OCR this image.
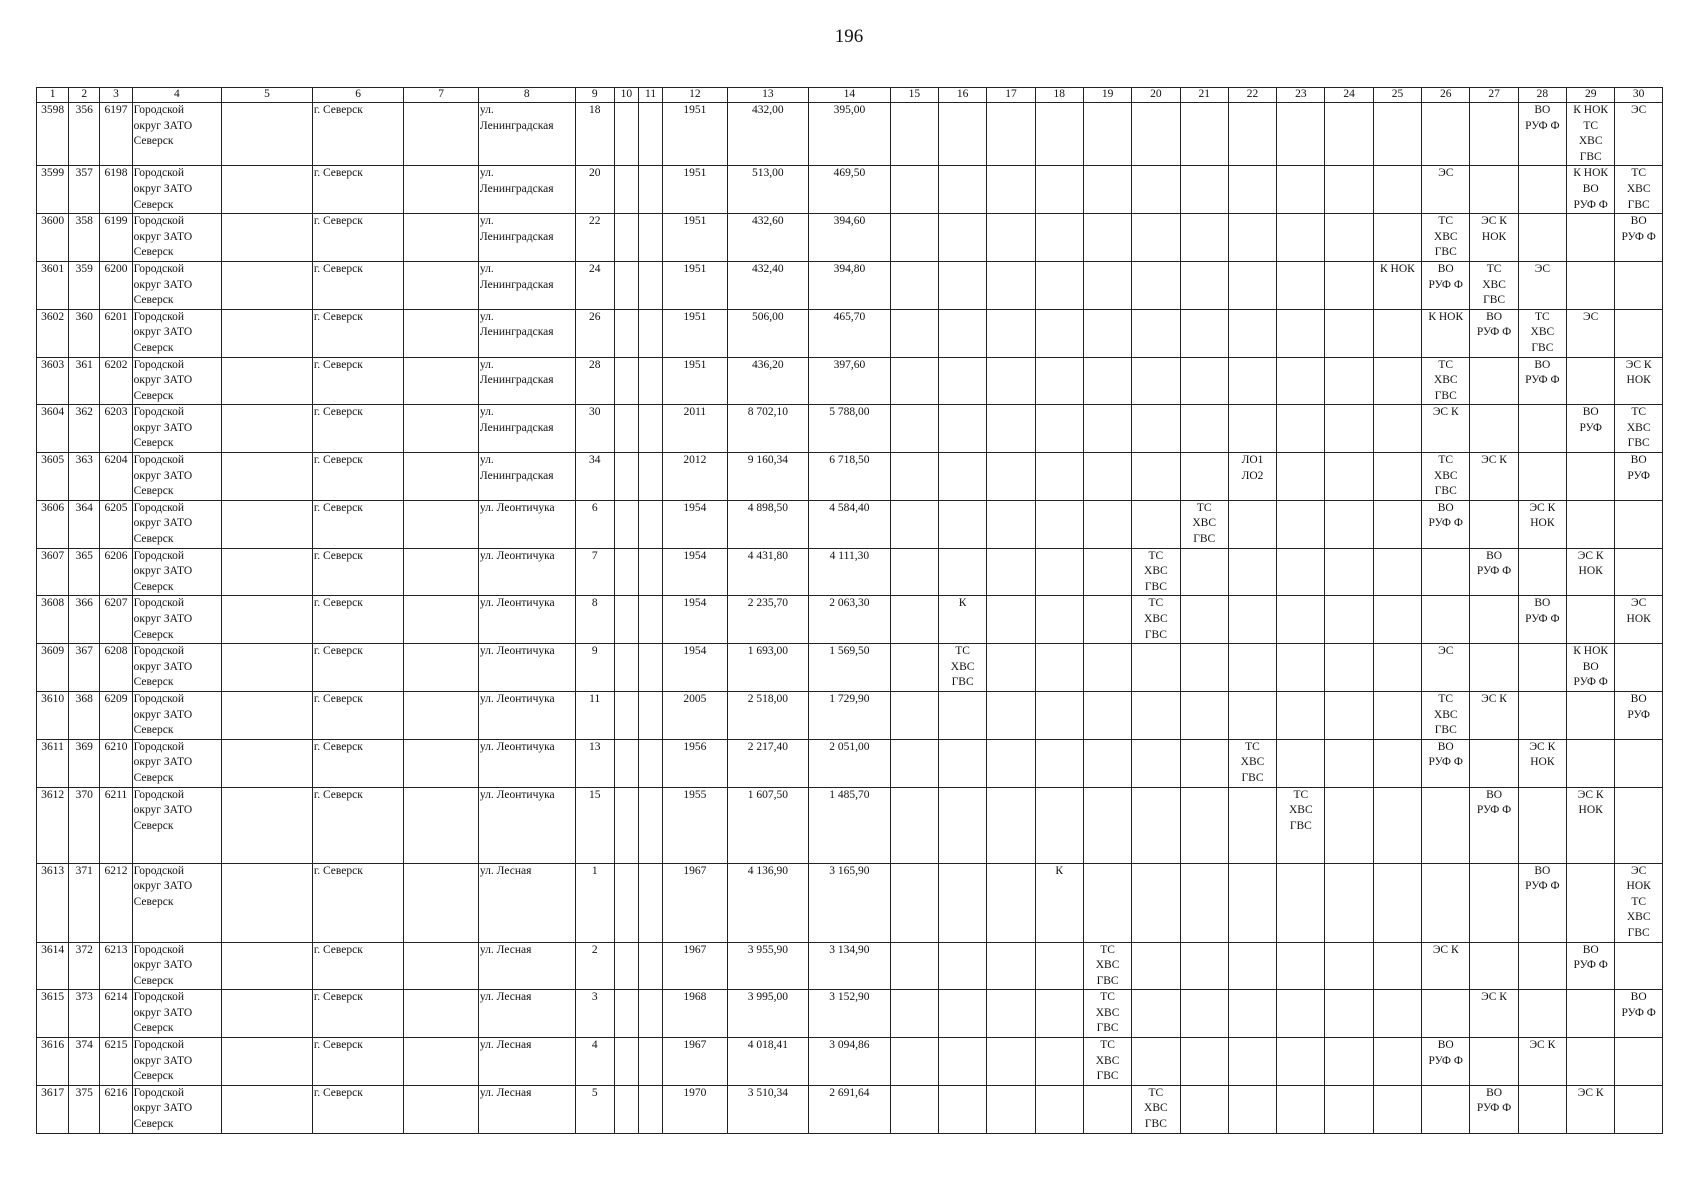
196
1	2	3	4	5	6	7	8	9	10	11	12	13	14	15	16	17	18	19	20	21	22	23	24	25	26	27	28	29	30
3598	356	6197	Городской
округ ЗАТО
Северск		г. Северск		ул.
Ленинградская	18			1951	432,00	395,00														ВО
РУФ Ф	К НОК
ТС
ХВС
ГВС	ЭС
3599	357	6198	Городской
округ ЗАТО
Северск		г. Северск		ул.
Ленинградская	20			1951	513,00	469,50												ЭС			К НОК
ВО
РУФ Ф	ТС
ХВС
ГВС
3600	358	6199	Городской
округ ЗАТО
Северск		г. Северск		ул.
Ленинградская	22			1951	432,60	394,60												ТС
ХВС
ГВС	ЭС К
НОК			ВО
РУФ Ф
3601	359	6200	Городской
округ ЗАТО
Северск		г. Северск		ул.
Ленинградская	24			1951	432,40	394,80											К НОК	ВО
РУФ Ф	ТС
ХВС
ГВС	ЭС		
3602	360	6201	Городской
округ ЗАТО
Северск		г. Северск		ул.
Ленинградская	26			1951	506,00	465,70												К НОК	ВО
РУФ Ф	ТС
ХВС
ГВС	ЭС	
3603	361	6202	Городской
округ ЗАТО
Северск		г. Северск		ул.
Ленинградская	28			1951	436,20	397,60												ТС
ХВС
ГВС		ВО
РУФ Ф		ЭС К
НОК
3604	362	6203	Городской
округ ЗАТО
Северск		г. Северск		ул.
Ленинградская	30			2011	8 702,10	5 788,00												ЭС К			ВО
РУФ	ТС
ХВС
ГВС
3605	363	6204	Городской
округ ЗАТО
Северск		г. Северск		ул.
Ленинградская	34			2012	9 160,34	6 718,50								ЛО1
ЛО2				ТС
ХВС
ГВС	ЭС К			ВО
РУФ
3606	364	6205	Городской
округ ЗАТО
Северск		г. Северск		ул. Леонтичука	6			1954	4 898,50	4 584,40							ТС
ХВС
ГВС					ВО
РУФ Ф		ЭС К
НОК		
3607	365	6206	Городской
округ ЗАТО
Северск		г. Северск		ул. Леонтичука	7			1954	4 431,80	4 111,30						ТС
ХВС
ГВС							ВО
РУФ Ф		ЭС К
НОК	
3608	366	6207	Городской
округ ЗАТО
Северск		г. Северск		ул. Леонтичука	8			1954	2 235,70	2 063,30		К				ТС
ХВС
ГВС								ВО
РУФ Ф		ЭС
НОК
3609	367	6208	Городской
округ ЗАТО
Северск		г. Северск		ул. Леонтичука	9			1954	1 693,00	1 569,50		ТС
ХВС
ГВС										ЭС			К НОК
ВО
РУФ Ф	
3610	368	6209	Городской
округ ЗАТО
Северск		г. Северск		ул. Леонтичука	11			2005	2 518,00	1 729,90												ТС
ХВС
ГВС	ЭС К			ВО
РУФ
3611	369	6210	Городской
округ ЗАТО
Северск		г. Северск		ул. Леонтичука	13			1956	2 217,40	2 051,00								ТС
ХВС
ГВС				ВО
РУФ Ф		ЭС К
НОК		
3612	370	6211	Городской
округ ЗАТО
Северск		г. Северск		ул. Леонтичука	15			1955	1 607,50	1 485,70									ТС
ХВС
ГВС				ВО
РУФ Ф		ЭС К
НОК	
3613	371	6212	Городской
округ ЗАТО
Северск		г. Северск		ул. Лесная	1			1967	4 136,90	3 165,90				К										ВО
РУФ Ф		ЭС
НОК
ТС
ХВС
ГВС
3614	372	6213	Городской
округ ЗАТО
Северск		г. Северск		ул. Лесная	2			1967	3 955,90	3 134,90					ТС
ХВС
ГВС							ЭС К			ВО
РУФ Ф	
3615	373	6214	Городской
округ ЗАТО
Северск		г. Северск		ул. Лесная	3			1968	3 995,00	3 152,90					ТС
ХВС
ГВС								ЭС К			ВО
РУФ Ф
3616	374	6215	Городской
округ ЗАТО
Северск		г. Северск		ул. Лесная	4			1967	4 018,41	3 094,86					ТС
ХВС
ГВС							ВО
РУФ Ф		ЭС К		
3617	375	6216	Городской
округ ЗАТО
Северск		г. Северск		ул. Лесная	5			1970	3 510,34	2 691,64						ТС
ХВС
ГВС							ВО
РУФ Ф		ЭС К	
